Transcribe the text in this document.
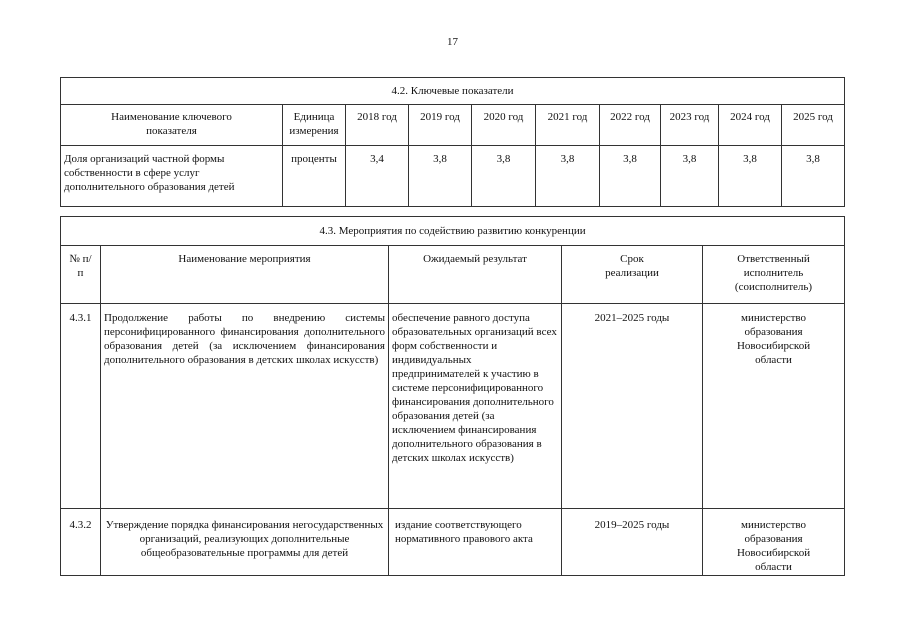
17
4.2. Ключевые показатели									
Наименование ключевого показателя	Единица измерения	2018 год	2019 год	2020 год	2021 год	2022 год	2023 год	2024 год	2025 год
Доля организаций частной формы собственности в сфере услуг дополнительного образования детей	проценты	3,4	3,8	3,8	3,8	3,8	3,8	3,8	3,8
4.3. Мероприятия по содействию развитию конкуренции				
№ п/п	Наименование мероприятия	Ожидаемый результат	Срок реализации	Ответственный исполнитель (соисполнитель)
4.3.1	Продолжение работы по внедрению системы персонифицированного финансирования дополнительного образования детей (за исключением финансирования дополнительного образования в детских школах искусств)	обеспечение равного доступа образовательных организаций всех форм собственности и индивидуальных предпринимателей к участию в системе персонифицированного финансирования дополнительного образования детей (за исключением финансирования дополнительного образования в детских школах искусств)	2021–2025 годы	министерство образования Новосибирской области
4.3.2	Утверждение порядка финансирования негосударственных организаций, реализующих дополнительные общеобразовательные программы для детей	издание соответствующего нормативного правового акта	2019–2025 годы	министерство образования Новосибирской области
